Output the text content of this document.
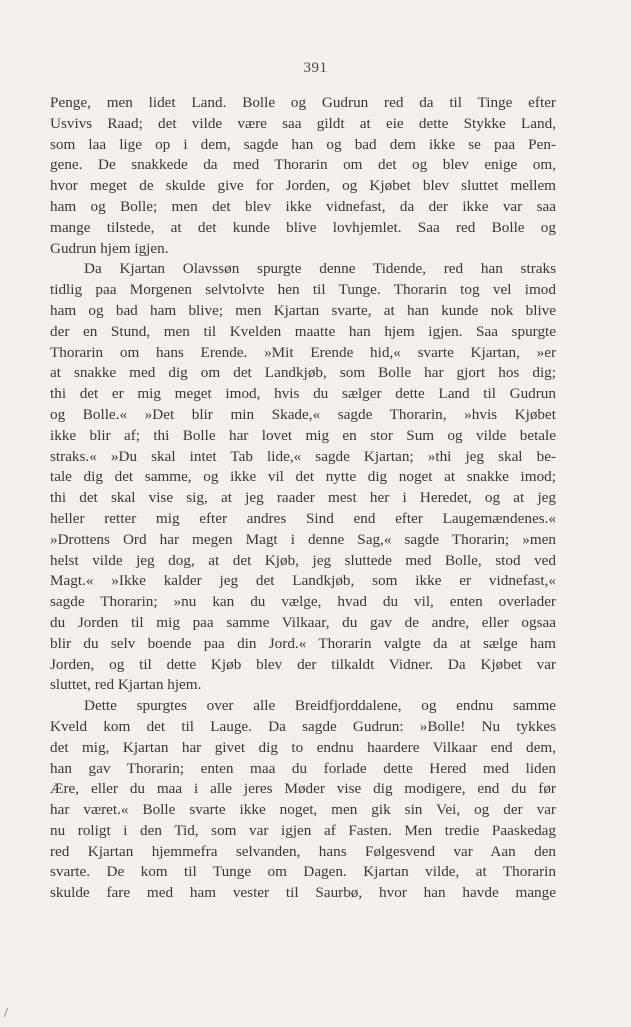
391
Penge, men lidet Land. Bolle og Gudrun red da til Tinge efter
Usvivs Raad; det vilde være saa gildt at eie dette Stykke Land,
som laa lige op i dem, sagde han og bad dem ikke se paa Pen-
gene. De snakkede da med Thorarin om det og blev enige om,
hvor meget de skulde give for Jorden, og Kjøbet blev sluttet mellem
ham og Bolle; men det blev ikke vidnefast, da der ikke var saa
mange tilstede, at det kunde blive lovhjemlet. Saa red Bolle og
Gudrun hjem igjen.
Da Kjartan Olavssøn spurgte denne Tidende, red han straks
tidlig paa Morgenen selvtolvte hen til Tunge. Thorarin tog vel imod
ham og bad ham blive; men Kjartan svarte, at han kunde nok blive
der en Stund, men til Kvelden maatte han hjem igjen. Saa spurgte
Thorarin om hans Erende. »Mit Erende hid,« svarte Kjartan, »er
at snakke med dig om det Landkjøb, som Bolle har gjort hos dig;
thi det er mig meget imod, hvis du sælger dette Land til Gudrun
og Bolle.« »Det blir min Skade,« sagde Thorarin, »hvis Kjøbet
ikke blir af; thi Bolle har lovet mig en stor Sum og vilde betale
straks.« »Du skal intet Tab lide,« sagde Kjartan; »thi jeg skal be-
tale dig det samme, og ikke vil det nytte dig noget at snakke imod;
thi det skal vise sig, at jeg raader mest her i Heredet, og at jeg
heller retter mig efter andres Sind end efter Laugemændenes.«
»Drottens Ord har megen Magt i denne Sag,« sagde Thorarin; »men
helst vilde jeg dog, at det Kjøb, jeg sluttede med Bolle, stod ved
Magt.« »Ikke kalder jeg det Landkjøb, som ikke er vidnefast,«
sagde Thorarin; »nu kan du vælge, hvad du vil, enten overlader
du Jorden til mig paa samme Vilkaar, du gav de andre, eller ogsaa
blir du selv boende paa din Jord.« Thorarin valgte da at sælge ham
Jorden, og til dette Kjøb blev der tilkaldt Vidner. Da Kjøbet var
sluttet, red Kjartan hjem.
Dette spurgtes over alle Breidfjorddalene, og endnu samme
Kveld kom det til Lauge. Da sagde Gudrun: »Bolle! Nu tykkes
det mig, Kjartan har givet dig to endnu haardere Vilkaar end dem,
han gav Thorarin; enten maa du forlade dette Hered med liden
Ære, eller du maa i alle jeres Møder vise dig modigere, end du før
har været.« Bolle svarte ikke noget, men gik sin Vei, og der var
nu roligt i den Tid, som var igjen af Fasten. Men tredie Paaskedag
red Kjartan hjemmefra selvanden, hans Følgesvend var Aan den
svarte. De kom til Tunge om Dagen. Kjartan vilde, at Thorarin
skulde fare med ham vester til Saurbø, hvor han havde mange
/
